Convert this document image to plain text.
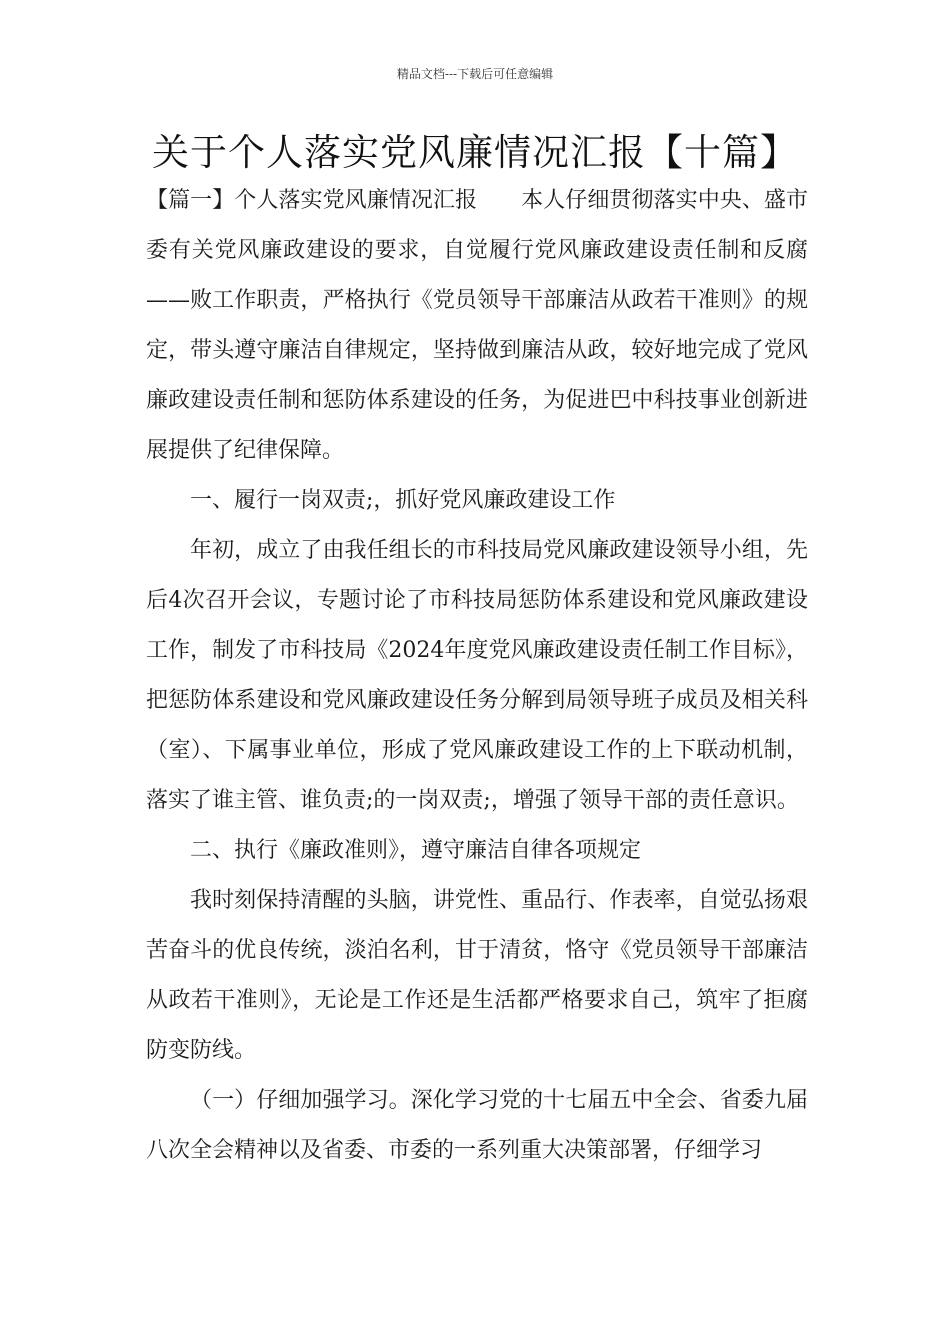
精品文档---下载后可任意编辑
关于个人落实党风廉情况汇报【十篇】

【篇一】个人落实党风廉情况汇报 本人仔细贯彻落实中央、盛市委有关党风廉政建设的要求，自觉履行党风廉政建设责任制和反腐——败工作职责，严格执行《党员领导干部廉洁从政若干准则》的规定，带头遵守廉洁自律规定，坚持做到廉洁从政，较好地完成了党风廉政建设责任制和惩防体系建设的任务，为促进巴中科技事业创新进展提供了纪律保障。

一、履行一岗双责;，抓好党风廉政建设工作

年初，成立了由我任组长的市科技局党风廉政建设领导小组，先后4次召开会议，专题讨论了市科技局惩防体系建设和党风廉政建设工作，制发了市科技局《2024年度党风廉政建设责任制工作目标》，把惩防体系建设和党风廉政建设任务分解到局领导班子成员及相关科（室）、下属事业单位，形成了党风廉政建设工作的上下联动机制，落实了谁主管、谁负责;的一岗双责;，增强了领导干部的责任意识。

二、执行《廉政准则》，遵守廉洁自律各项规定

我时刻保持清醒的头脑，讲党性、重品行、作表率，自觉弘扬艰苦奋斗的优良传统，淡泊名利，甘于清贫，恪守《党员领导干部廉洁从政若干准则》，无论是工作还是生活都严格要求自己，筑牢了拒腐防变防线。

（一）仔细加强学习。深化学习党的十七届五中全会、省委九届八次全会精神以及省委、市委的一系列重大决策部署，仔细学习
